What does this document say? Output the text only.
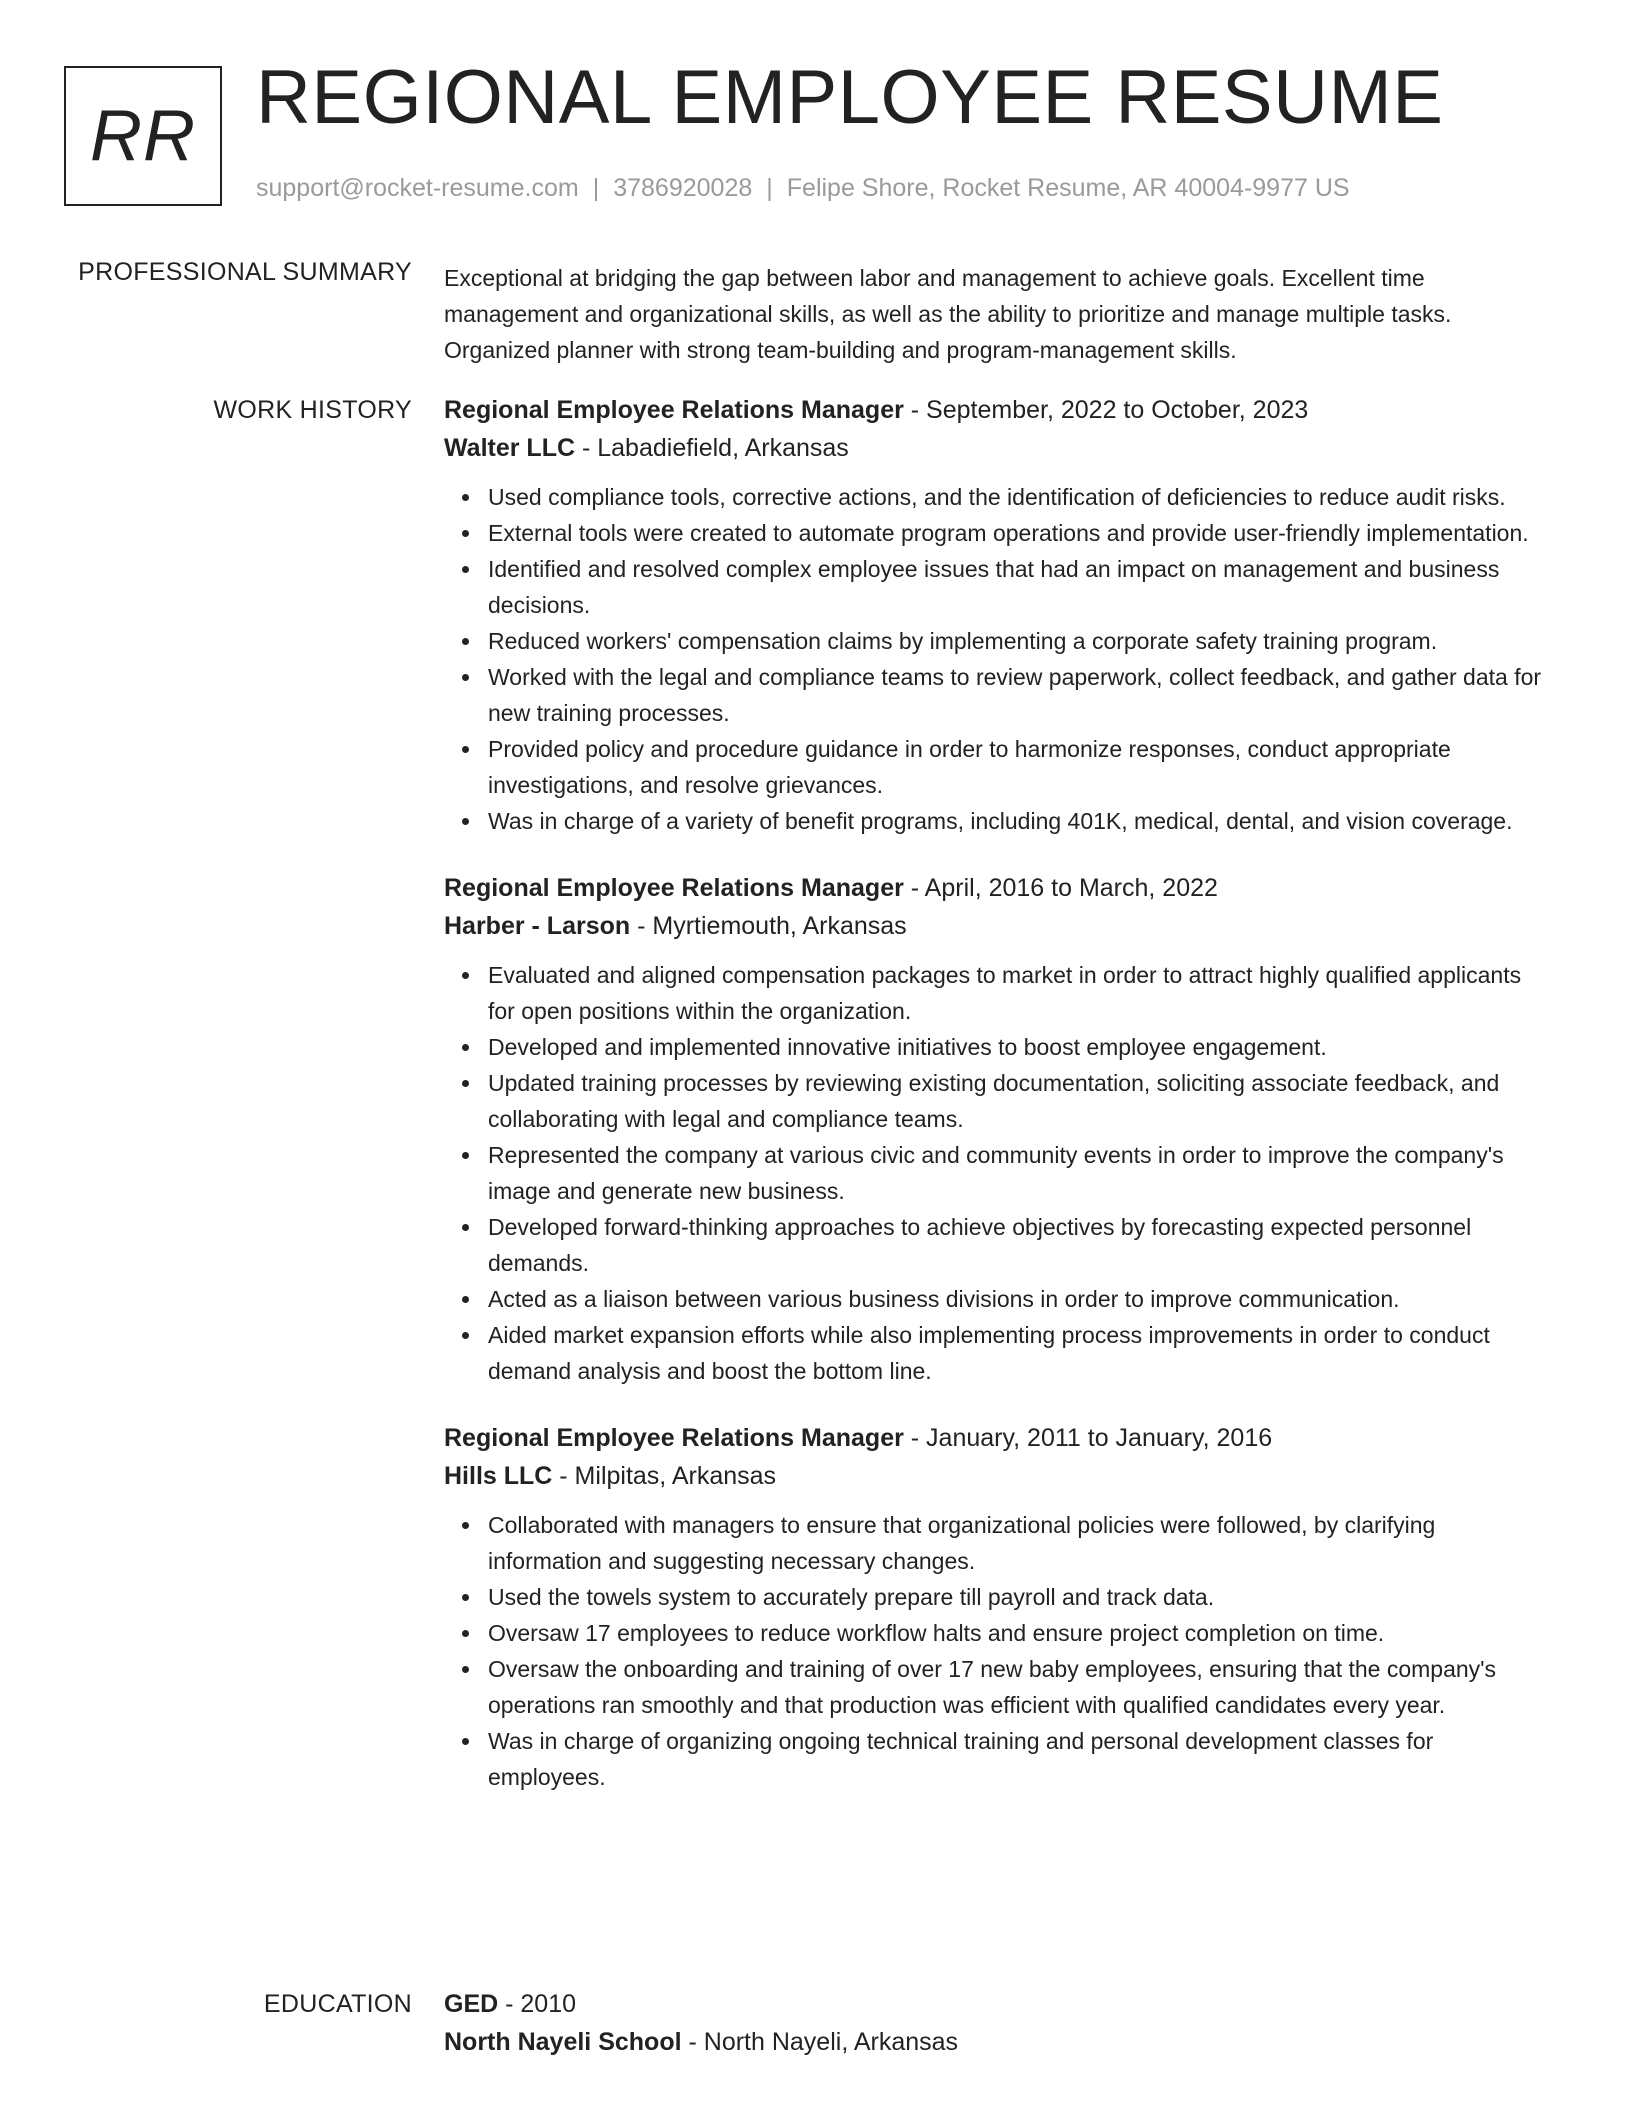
RR REGIONAL EMPLOYEE RESUME
support@rocket-resume.com | 3786920028 | Felipe Shore, Rocket Resume, AR 40004-9977 US
PROFESSIONAL SUMMARY Exceptional at bridging the gap between labor and management to achieve goals. Excellent time management and organizational skills, as well as the ability to prioritize and manage multiple tasks. Organized planner with strong team-building and program-management skills.

WORK HISTORY Regional Employee Relations Manager - September, 2022 to October, 2023
Walter LLC - Labadiefield, Arkansas
Used compliance tools, corrective actions, and the identification of deficiencies to reduce audit risks.
External tools were created to automate program operations and provide user-friendly implementation.
Identified and resolved complex employee issues that had an impact on management and business decisions.
Reduced workers' compensation claims by implementing a corporate safety training program.
Worked with the legal and compliance teams to review paperwork, collect feedback, and gather data for new training processes.
Provided policy and procedure guidance in order to harmonize responses, conduct appropriate investigations, and resolve grievances.
Was in charge of a variety of benefit programs, including 401K, medical, dental, and vision coverage.
Regional Employee Relations Manager - April, 2016 to March, 2022
Harber - Larson - Myrtiemouth, Arkansas
Evaluated and aligned compensation packages to market in order to attract highly qualified applicants for open positions within the organization.
Developed and implemented innovative initiatives to boost employee engagement.
Updated training processes by reviewing existing documentation, soliciting associate feedback, and collaborating with legal and compliance teams.
Represented the company at various civic and community events in order to improve the company's image and generate new business.
Developed forward-thinking approaches to achieve objectives by forecasting expected personnel demands.
Acted as a liaison between various business divisions in order to improve communication.
Aided market expansion efforts while also implementing process improvements in order to conduct demand analysis and boost the bottom line.
Regional Employee Relations Manager - January, 2011 to January, 2016
Hills LLC - Milpitas, Arkansas
Collaborated with managers to ensure that organizational policies were followed, by clarifying information and suggesting necessary changes.
Used the towels system to accurately prepare till payroll and track data.
Oversaw 17 employees to reduce workflow halts and ensure project completion on time.
Oversaw the onboarding and training of over 17 new baby employees, ensuring that the company's operations ran smoothly and that production was efficient with qualified candidates every year.
Was in charge of organizing ongoing technical training and personal development classes for employees.
EDUCATION GED - 2010
North Nayeli School - North Nayeli, Arkansas
